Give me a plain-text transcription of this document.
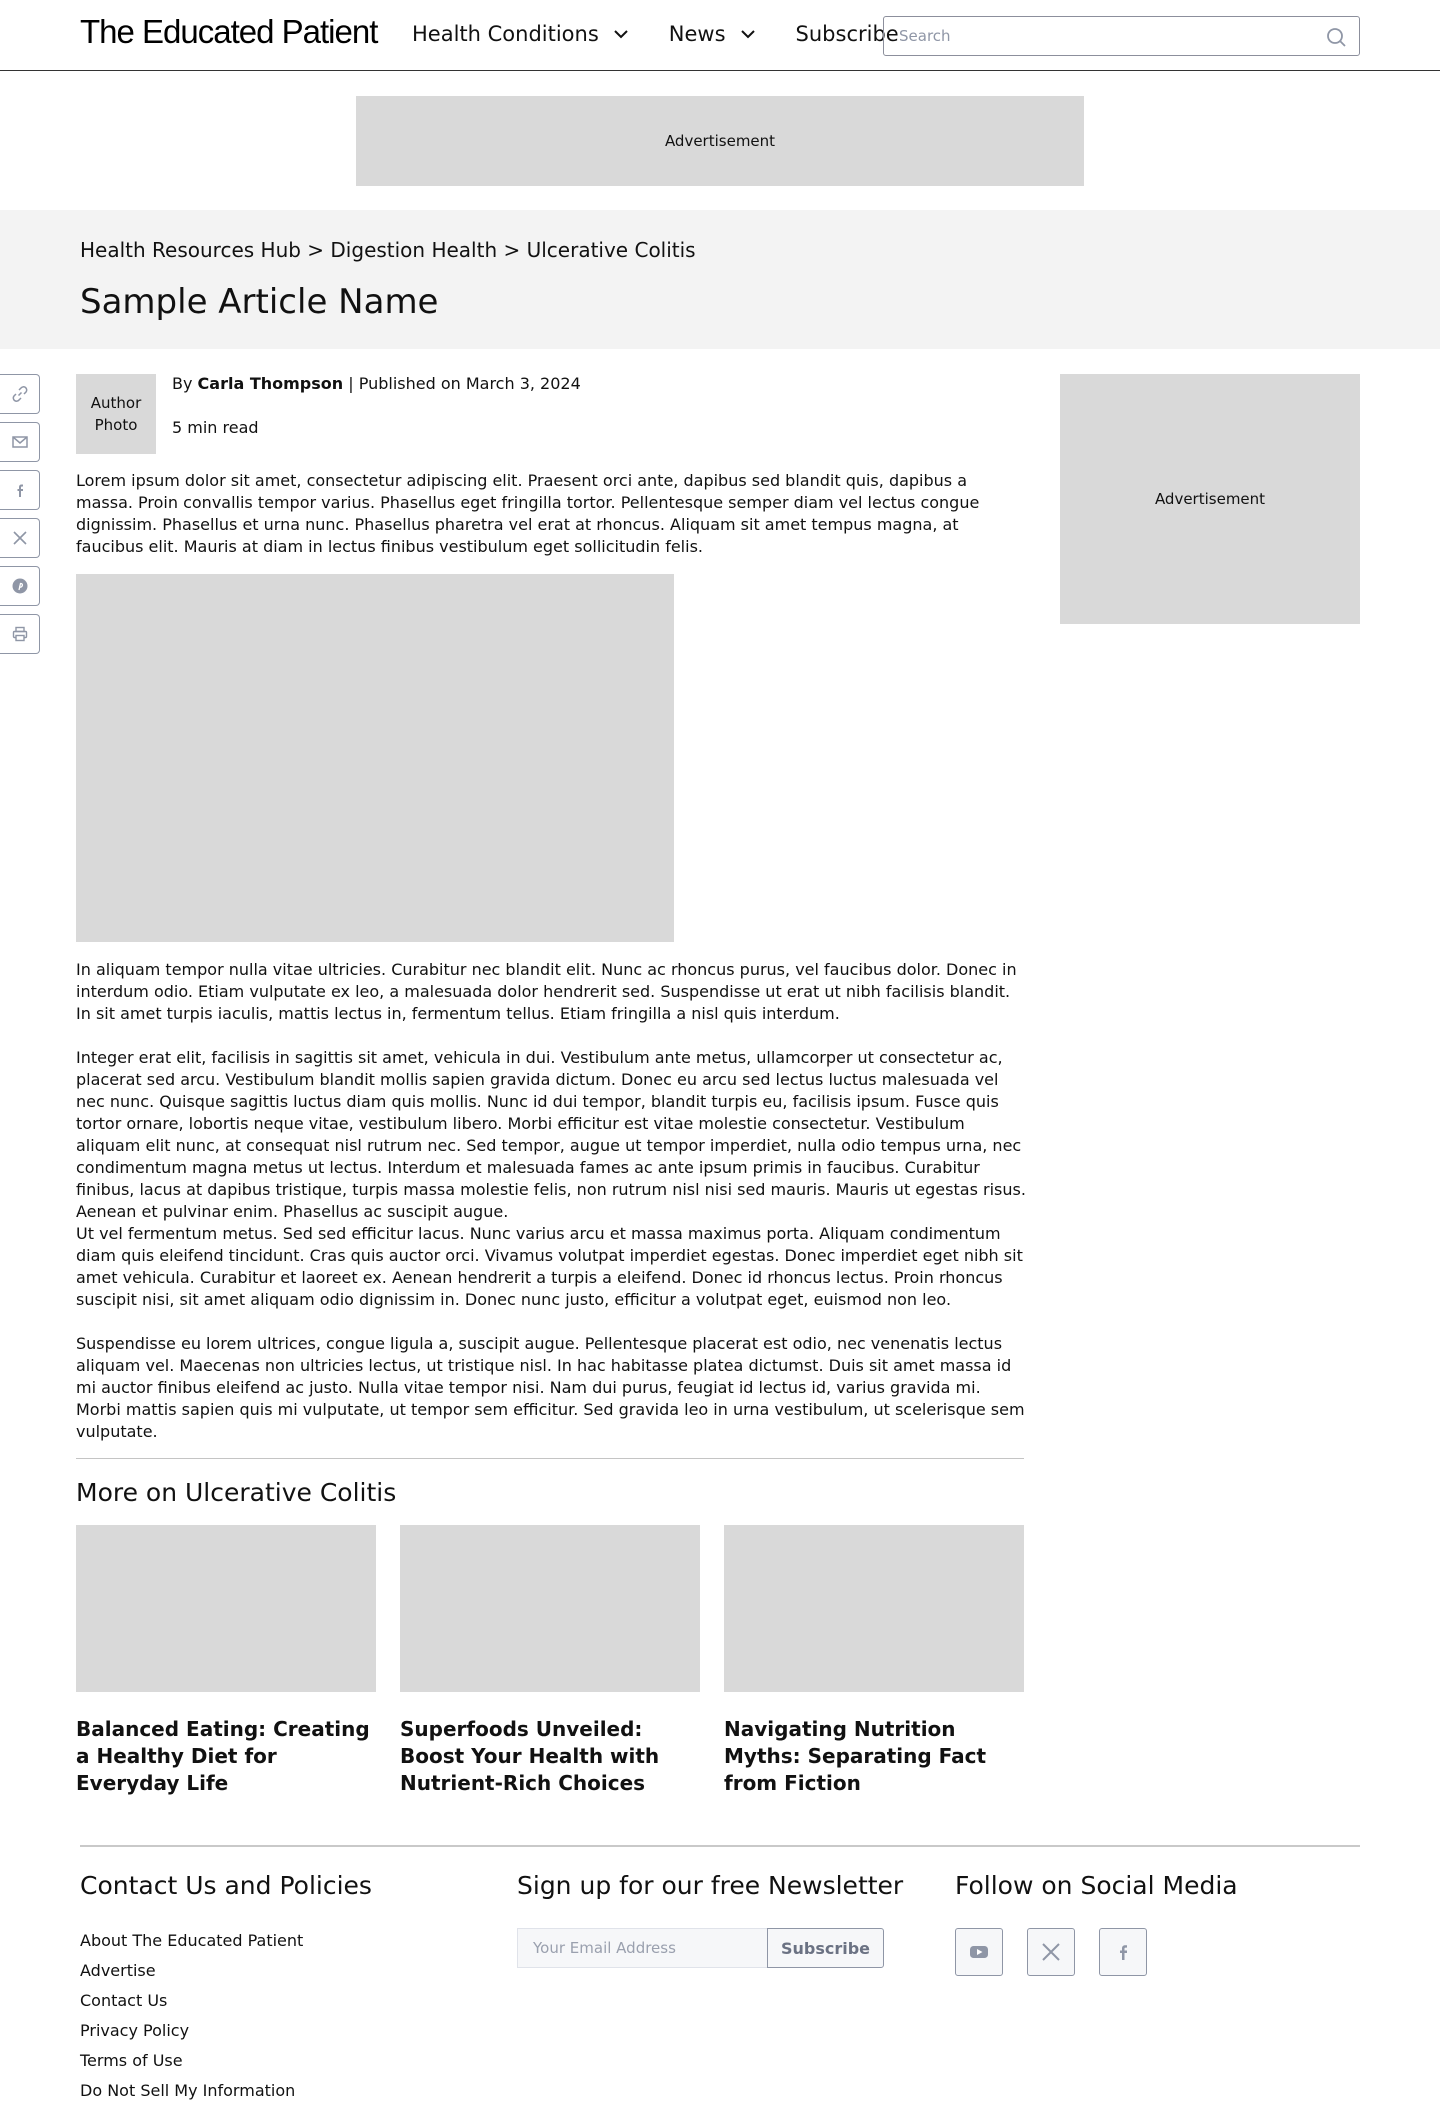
The Educated Patient Health Conditions	News	Subscribe
Search
Advertisement
Health Resources Hub > Digestion Health > Ulcerative Colitis
Sample Article Name
Author Photo
By Carla Thompson | Published on March 3, 2024
5 min read
Advertisement

Lorem ipsum dolor sit amet, consectetur adipiscing elit. Praesent orci ante, dapibus sed blandit quis, dapibus a massa. Proin convallis tempor varius. Phasellus eget fringilla tortor. Pellentesque semper diam vel lectus congue dignissim. Phasellus et urna nunc. Phasellus pharetra vel erat at rhoncus. Aliquam sit amet tempus magna, at faucibus elit. Mauris at diam in lectus finibus vestibulum eget sollicitudin felis.

In aliquam tempor nulla vitae ultricies. Curabitur nec blandit elit. Nunc ac rhoncus purus, vel faucibus dolor. Donec in interdum odio. Etiam vulputate ex leo, a malesuada dolor hendrerit sed. Suspendisse ut erat ut nibh facilisis blandit. In sit amet turpis iaculis, mattis lectus in, fermentum tellus. Etiam fringilla a nisl quis interdum.

Integer erat elit, facilisis in sagittis sit amet, vehicula in dui. Vestibulum ante metus, ullamcorper ut consectetur ac, placerat sed arcu. Vestibulum blandit mollis sapien gravida dictum. Donec eu arcu sed lectus luctus malesuada vel nec nunc. Quisque sagittis luctus diam quis mollis. Nunc id dui tempor, blandit turpis eu, facilisis ipsum. Fusce quis tortor ornare, lobortis neque vitae, vestibulum libero. Morbi efficitur est vitae molestie consectetur. Vestibulum aliquam elit nunc, at consequat nisl rutrum nec. Sed tempor, augue ut tempor imperdiet, nulla odio tempus urna, nec condimentum magna metus ut lectus. Interdum et malesuada fames ac ante ipsum primis in faucibus. Curabitur finibus, lacus at dapibus tristique, turpis massa molestie felis, non rutrum nisl nisi sed mauris. Mauris ut egestas risus. Aenean et pulvinar enim. Phasellus ac suscipit augue.

Ut vel fermentum metus. Sed sed efficitur lacus. Nunc varius arcu et massa maximus porta. Aliquam condimentum diam quis eleifend tincidunt. Cras quis auctor orci. Vivamus volutpat imperdiet egestas. Donec imperdiet eget nibh sit amet vehicula. Curabitur et laoreet ex. Aenean hendrerit a turpis a eleifend. Donec id rhoncus lectus. Proin rhoncus suscipit nisi, sit amet aliquam odio dignissim in. Donec nunc justo, efficitur a volutpat eget, euismod non leo.

Suspendisse eu lorem ultrices, congue ligula a, suscipit augue. Pellentesque placerat est odio, nec venenatis lectus aliquam vel. Maecenas non ultricies lectus, ut tristique nisl. In hac habitasse platea dictumst. Duis sit amet massa id mi auctor finibus eleifend ac justo. Nulla vitae tempor nisi. Nam dui purus, feugiat id lectus id, varius gravida mi. Morbi mattis sapien quis mi vulputate, ut tempor sem efficitur. Sed gravida leo in urna vestibulum, ut scelerisque sem vulputate.

More on Ulcerative Colitis
Balanced Eating: Creating a Healthy Diet for Everyday Life
Superfoods Unveiled: Boost Your Health with Nutrient-Rich Choices
Navigating Nutrition Myths: Separating Fact from Fiction
Contact Us and Policies
About The Educated Patient
Advertise
Contact Us
Privacy Policy
Terms of Use
Do Not Sell My Information
Sign up for our free Newsletter
Your Email Address
Subscribe
Follow on Social Media
